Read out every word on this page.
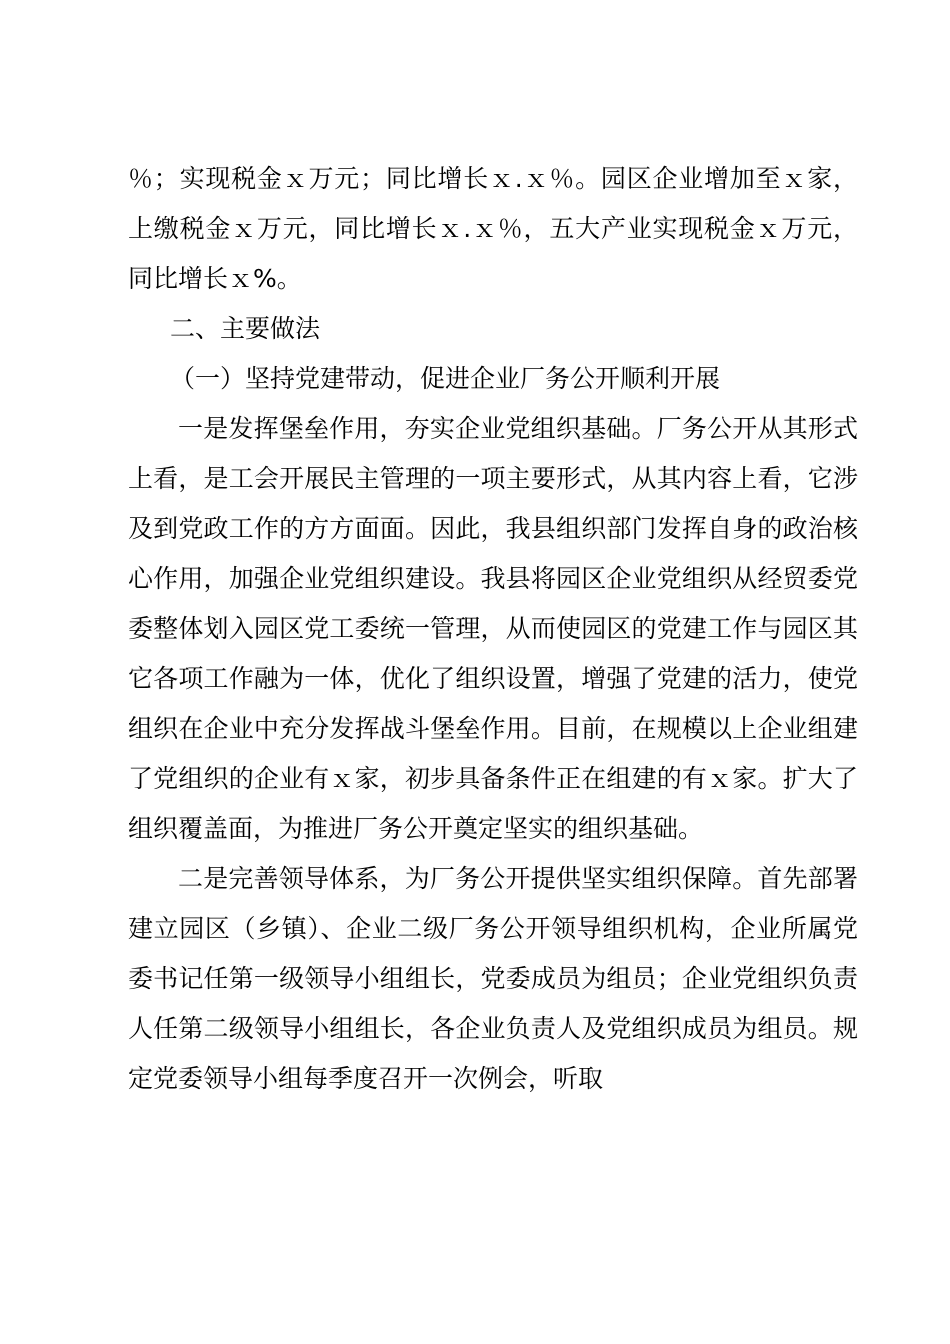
％；实现税金ｘ万元；同比增长ｘ.ｘ％。园区企业增加至ｘ家，上缴税金ｘ万元，同比增长ｘ.ｘ％，五大产业实现税金ｘ万元，同比增长ｘ%。

二、主要做法

（一）坚持党建带动，促进企业厂务公开顺利开展

一是发挥堡垒作用，夯实企业党组织基础。厂务公开从其形式上看，是工会开展民主管理的一项主要形式，从其内容上看，它涉及到党政工作的方方面面。因此，我县组织部门发挥自身的政治核心作用，加强企业党组织建设。我县将园区企业党组织从经贸委党委整体划入园区党工委统一管理，从而使园区的党建工作与园区其它各项工作融为一体，优化了组织设置，增强了党建的活力，使党组织在企业中充分发挥战斗堡垒作用。目前，在规模以上企业组建了党组织的企业有ｘ家，初步具备条件正在组建的有ｘ家。扩大了组织覆盖面，为推进厂务公开奠定坚实的组织基础。

二是完善领导体系，为厂务公开提供坚实组织保障。首先部署建立园区（乡镇）、企业二级厂务公开领导组织机构，企业所属党委书记任第一级领导小组组长，党委成员为组员；企业党组织负责人任第二级领导小组组长，各企业负责人及党组织成员为组员。规定党委领导小组每季度召开一次例会，听取
